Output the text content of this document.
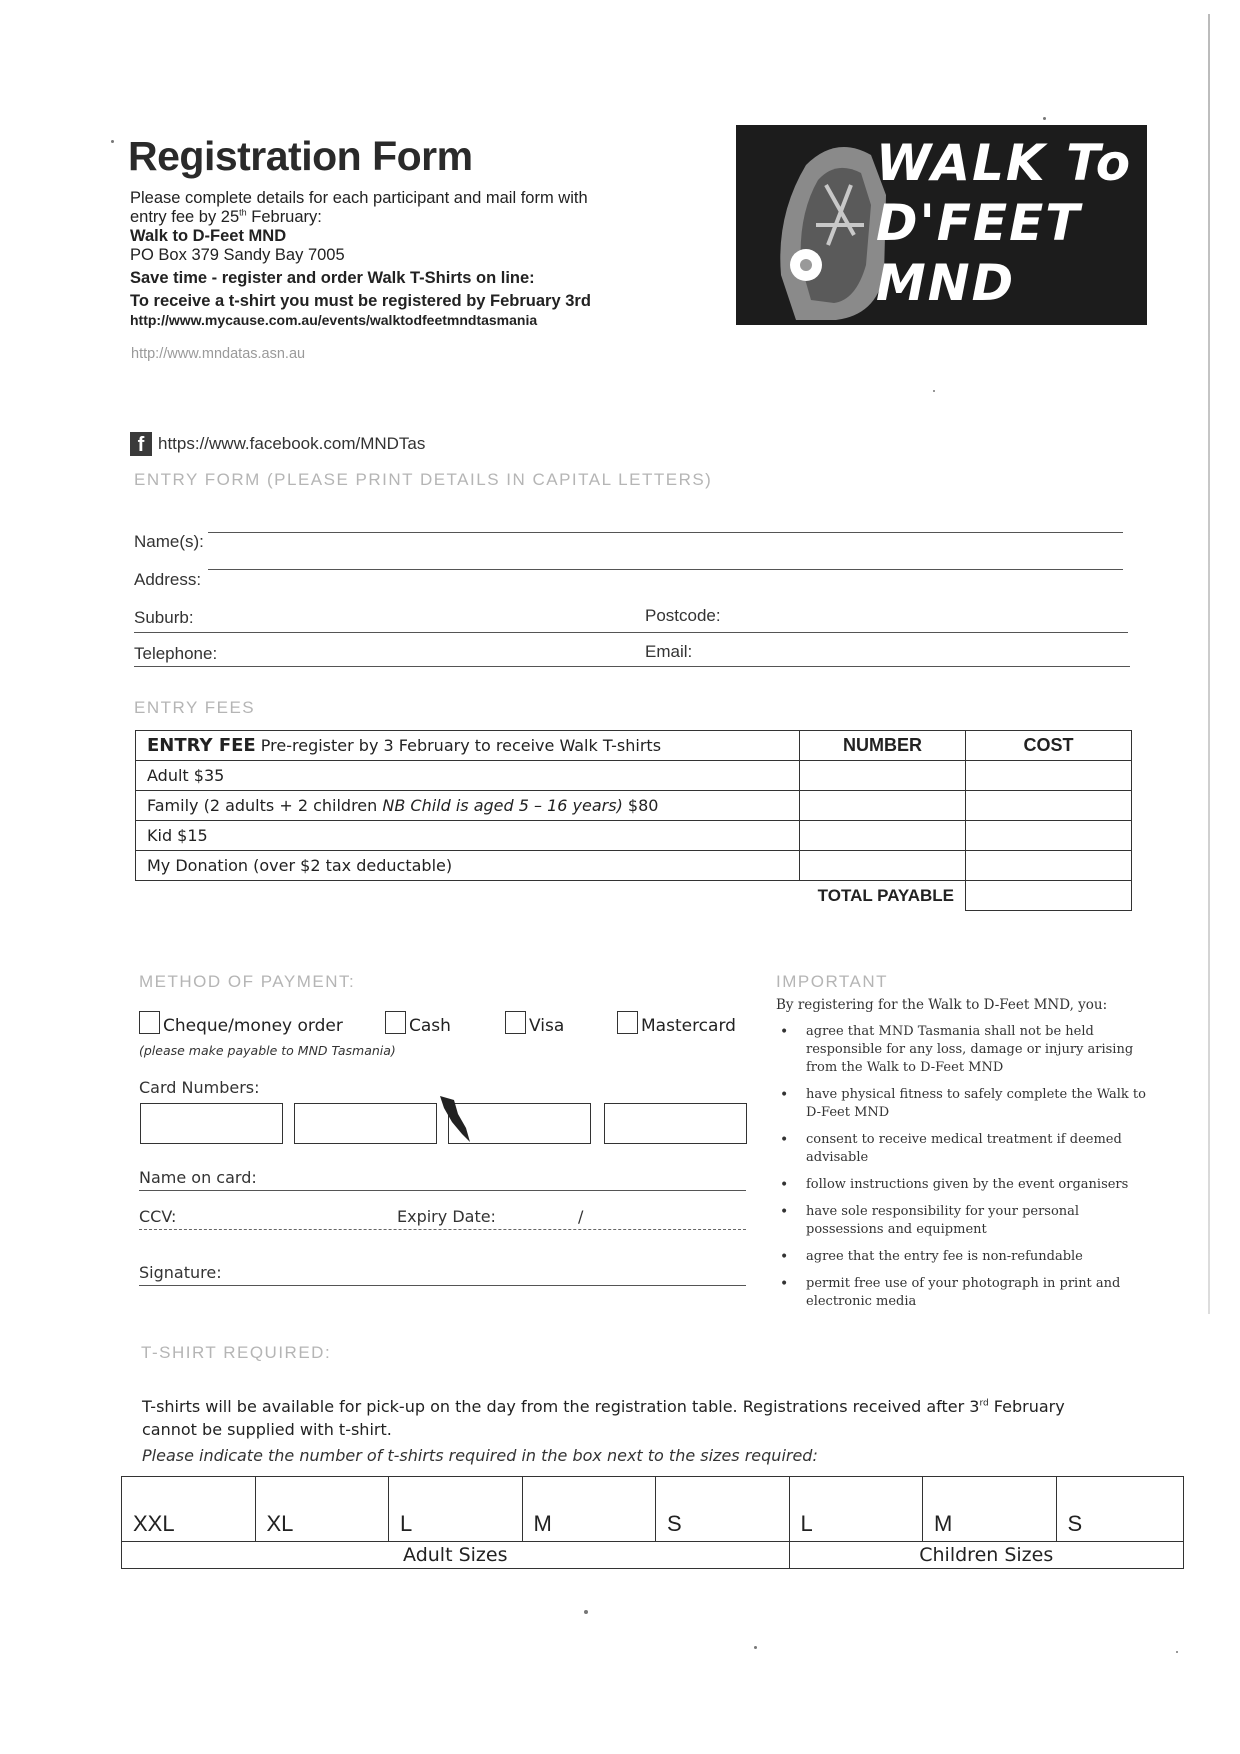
Registration Form
Please complete details for each participant and mail form with
entry fee by 25th February:
Walk to D-Feet MND
PO Box 379 Sandy Bay 7005
Save time - register and order Walk T-Shirts on line:
To receive a t-shirt you must be registered by February 3rd
http://www.mycause.com.au/events/walktodfeetmndtasmania
http://www.mndatas.asn.au
WALK To
D'FEET
MND
f https://www.facebook.com/MNDTas
ENTRY FORM (PLEASE PRINT DETAILS IN CAPITAL LETTERS)
Name(s):
Address:
Suburb:	Postcode:
Telephone:	Email:
ENTRY FEES
ENTRY FEE Pre-register by 3 February to receive Walk T-shirts	NUMBER	COST
Adult $35		
Family (2 adults + 2 children NB Child is aged 5 – 16 years) $80		
Kid $15		
My Donation (over $2 tax deductable)		
	TOTAL PAYABLE	
METHOD OF PAYMENT:
Cheque/money order	Cash	Visa	Mastercard
(please make payable to MND Tasmania)
Card Numbers:
Name on card:
CCV:	Expiry Date:	/
Signature:
IMPORTANT
By registering for the Walk to D-Feet MND, you:
• agree that MND Tasmania shall not be held responsible for any loss, damage or injury arising from the Walk to D-Feet MND
• have physical fitness to safely complete the Walk to D-Feet MND
• consent to receive medical treatment if deemed advisable
• follow instructions given by the event organisers
• have sole responsibility for your personal possessions and equipment
• agree that the entry fee is non-refundable
• permit free use of your photograph in print and electronic media
T-SHIRT REQUIRED:
T-shirts will be available for pick-up on the day from the registration table. Registrations received after 3rd February cannot be supplied with t-shirt.
Please indicate the number of t-shirts required in the box next to the sizes required:
XXL	XL	L	M	S	L	M	S
Adult Sizes					Children Sizes		
